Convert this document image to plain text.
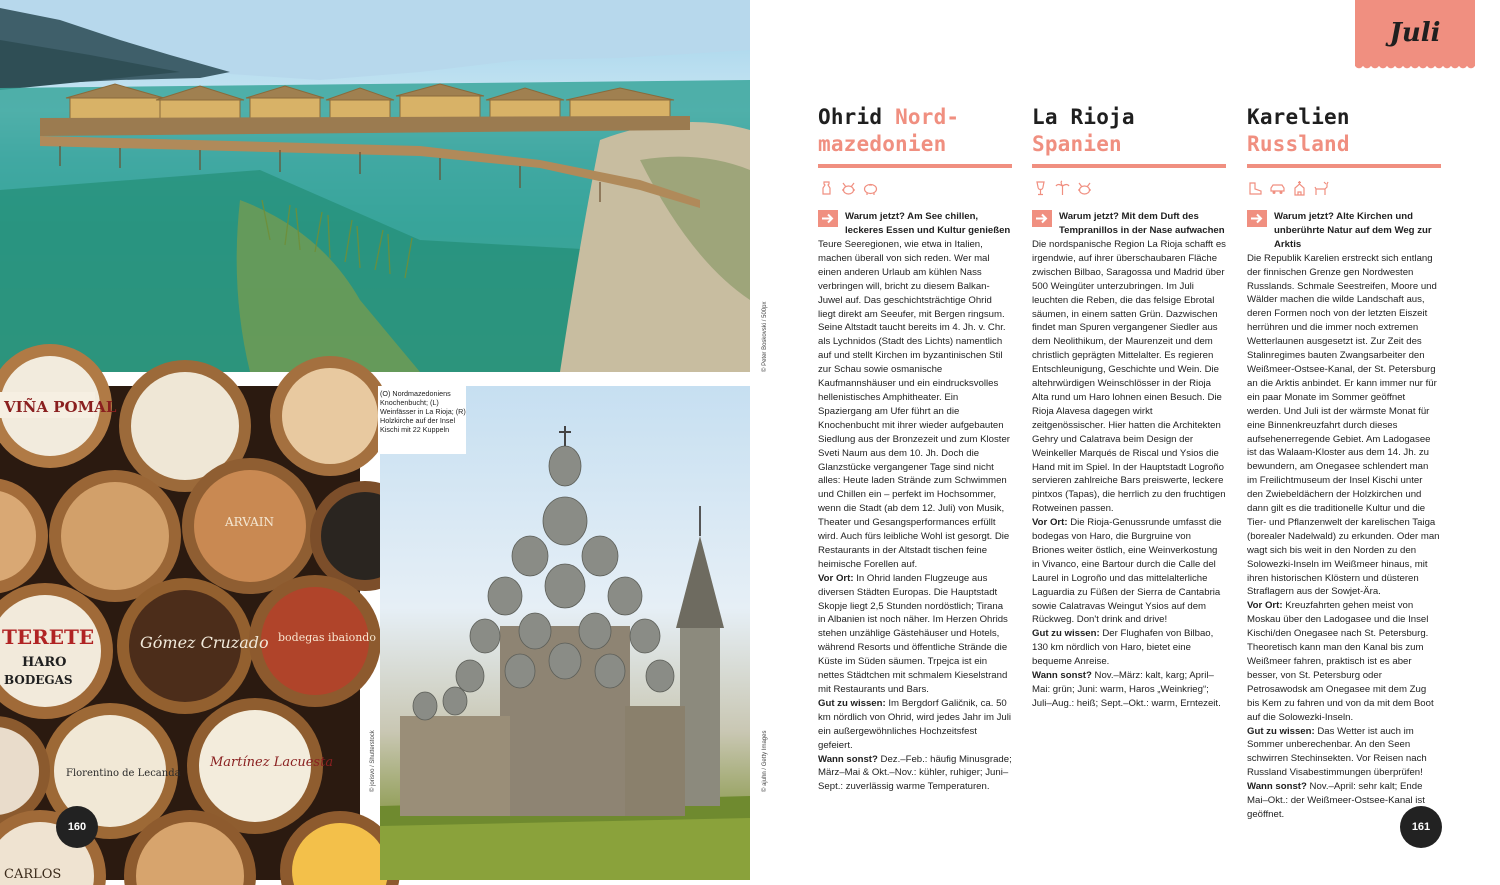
© Peter Boskovski / 500px
VIÑA POMAL
TERETE
HARO
BODEGAS
Gómez Cruzado bodegas ibaiondo
Florentino de Lecanda
Martínez Lacuesta
ARVAIN
CARLOS
© jorisvo / Shutterstock	© ajuhn / Getty Images
(O) Nordmazedoniens Knochenbucht; (L) Weinfässer in La Rioja; (R) Holzkirche auf der Insel Kischi mit 22 Kuppeln
160	161
Juli
Ohrid Nord-mazedonien
Warum jetzt? Am See chillen, leckeres Essen und Kultur genießen

Teure Seeregionen, wie etwa in Italien, machen überall von sich reden. Wer mal einen anderen Urlaub am kühlen Nass verbringen will, bricht zu diesem Balkan-Juwel auf. Das geschichtsträchtige Ohrid liegt direkt am Seeufer, mit Bergen ringsum. Seine Altstadt taucht bereits im 4. Jh. v. Chr. als Lychnidos (Stadt des Lichts) namentlich auf und stellt Kirchen im byzantinischen Stil zur Schau sowie osmanische Kaufmannshäuser und ein eindrucksvolles hellenistisches Amphitheater. Ein Spaziergang am Ufer führt an die Knochenbucht mit ihrer wieder aufgebauten Siedlung aus der Bronzezeit und zum Kloster Sveti Naum aus dem 10. Jh. Doch die Glanzstücke vergangener Tage sind nicht alles: Heute laden Strände zum Schwimmen und Chillen ein – perfekt im Hochsommer, wenn die Stadt (ab dem 12. Juli) von Musik, Theater und Gesangsperformances erfüllt wird. Auch fürs leibliche Wohl ist gesorgt. Die Restaurants in der Altstadt tischen feine heimische Forellen auf.

Vor Ort: In Ohrid landen Flugzeuge aus diversen Städten Europas. Die Hauptstadt Skopje liegt 2,5 Stunden nordöstlich; Tirana in Albanien ist noch näher. Im Herzen Ohrids stehen unzählige Gästehäuser und Hotels, während Resorts und öffentliche Strände die Küste im Süden säumen. Trpejca ist ein nettes Städtchen mit schmalem Kieselstrand mit Restaurants und Bars.

Gut zu wissen: Im Bergdorf Galičnik, ca. 50 km nördlich von Ohrid, wird jedes Jahr im Juli ein außergewöhnliches Hochzeitsfest gefeiert.

Wann sonst? Dez.–Feb.: häufig Minusgrade; März–Mai & Okt.–Nov.: kühler, ruhiger; Juni–Sept.: zuverlässig warme Temperaturen.

La Rioja
Spanien
Warum jetzt? Mit dem Duft des Tempranillos in der Nase aufwachen

Die nordspanische Region La Rioja schafft es irgendwie, auf ihrer überschaubaren Fläche zwischen Bilbao, Saragossa und Madrid über 500 Weingüter unterzubringen. Im Juli leuchten die Reben, die das felsige Ebrotal säumen, in einem satten Grün. Dazwischen findet man Spuren vergangener Siedler aus dem Neolithikum, der Maurenzeit und dem christlich geprägten Mittelalter. Es regieren Entschleunigung, Geschichte und Wein. Die altehrwürdigen Weinschlösser in der Rioja Alta rund um Haro lohnen einen Besuch. Die Rioja Alavesa dagegen wirkt zeitgenössischer. Hier hatten die Architekten Gehry und Calatrava beim Design der Weinkeller Marqués de Riscal und Ysios die Hand mit im Spiel. In der Hauptstadt Logroño servieren zahlreiche Bars preiswerte, leckere pintxos (Tapas), die herrlich zu den fruchtigen Rotweinen passen.

Vor Ort: Die Rioja-Genussrunde umfasst die bodegas von Haro, die Burgruine von Briones weiter östlich, eine Weinverkostung in Vivanco, eine Bartour durch die Calle del Laurel in Logroño und das mittelalterliche Laguardia zu Füßen der Sierra de Cantabria sowie Calatravas Weingut Ysios auf dem Rückweg. Don't drink and drive!

Gut zu wissen: Der Flughafen von Bilbao, 130 km nördlich von Haro, bietet eine bequeme Anreise.

Wann sonst? Nov.–März: kalt, karg; April–Mai: grün; Juni: warm, Haros „Weinkrieg“; Juli–Aug.: heiß; Sept.–Okt.: warm, Erntezeit.

Karelien
Russland
Warum jetzt? Alte Kirchen und unberührte Natur auf dem Weg zur Arktis

Die Republik Karelien erstreckt sich entlang der finnischen Grenze gen Nordwesten Russlands. Schmale Seestreifen, Moore und Wälder machen die wilde Landschaft aus, deren Formen noch von der letzten Eiszeit herrühren und die immer noch extremen Wetterlaunen ausgesetzt ist. Zur Zeit des Stalinregimes bauten Zwangsarbeiter den Weißmeer-Ostsee-Kanal, der St. Petersburg an die Arktis anbindet. Er kann immer nur für ein paar Monate im Sommer geöffnet werden. Und Juli ist der wärmste Monat für eine Binnenkreuzfahrt durch dieses aufsehenerregende Gebiet. Am Ladogasee ist das Walaam-Kloster aus dem 14. Jh. zu bewundern, am Onegasee schlendert man im Freilichtmuseum der Insel Kischi unter den Zwiebeldächern der Holzkirchen und dann gilt es die traditionelle Kultur und die Tier- und Pflanzenwelt der karelischen Taiga (borealer Nadelwald) zu erkunden. Oder man wagt sich bis weit in den Norden zu den Solowezki-Inseln im Weißmeer hinaus, mit ihren historischen Klöstern und düsteren Straflagern aus der Sowjet-Ära.

Vor Ort: Kreuzfahrten gehen meist von Moskau über den Ladogasee und die Insel Kischi/den Onegasee nach St. Petersburg. Theoretisch kann man den Kanal bis zum Weißmeer fahren, praktisch ist es aber besser, von St. Petersburg oder Petrosawodsk am Onegasee mit dem Zug bis Kem zu fahren und von da mit dem Boot auf die Solowezki-Inseln.

Gut zu wissen: Das Wetter ist auch im Sommer unberechenbar. An den Seen schwirren Stechinsekten. Vor Reisen nach Russland Visabestimmungen überprüfen!

Wann sonst? Nov.–April: sehr kalt; Ende Mai–Okt.: der Weißmeer-Ostsee-Kanal ist geöffnet.
